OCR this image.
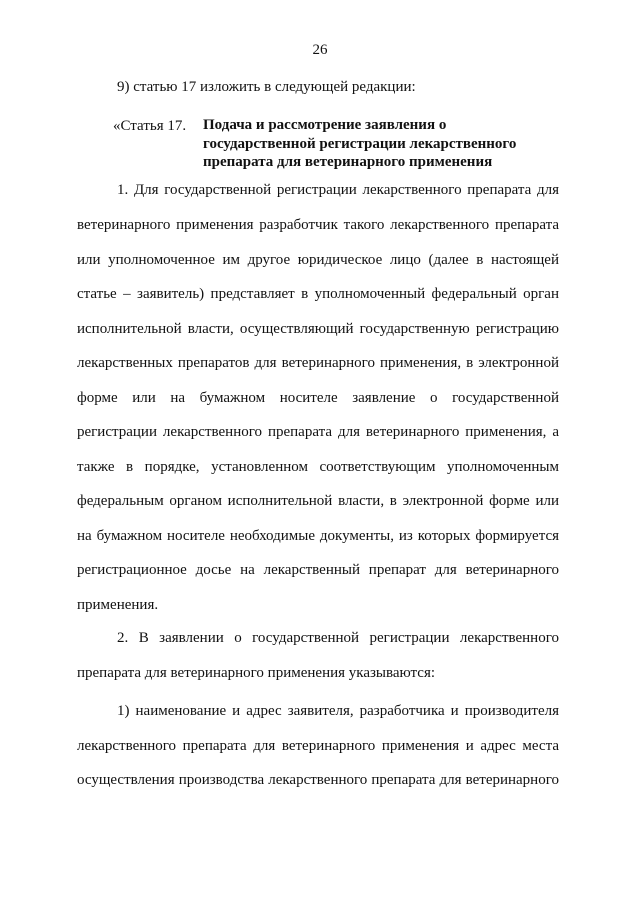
26
9) статью 17 изложить в следующей редакции:
«Статья 17. Подача и рассмотрение заявления о
государственной регистрации лекарственного
препарата для ветеринарного применения
1. Для государственной регистрации лекарственного препарата для
ветеринарного применения разработчик такого лекарственного препарата
или уполномоченное им другое юридическое лицо (далее в настоящей
статье – заявитель) представляет в уполномоченный федеральный орган
исполнительной власти, осуществляющий государственную регистрацию
лекарственных препаратов для ветеринарного применения, в электронной
форме или на бумажном носителе заявление о государственной
регистрации лекарственного препарата для ветеринарного применения, а
также в порядке, установленном соответствующим уполномоченным
федеральным органом исполнительной власти, в электронной форме или
на бумажном носителе необходимые документы, из которых формируется
регистрационное досье на лекарственный препарат для ветеринарного
применения.
2. В заявлении о государственной регистрации лекарственного
препарата для ветеринарного применения указываются:
1) наименование и адрес заявителя, разработчика и производителя
лекарственного препарата для ветеринарного применения и адрес места
осуществления производства лекарственного препарата для ветеринарного
